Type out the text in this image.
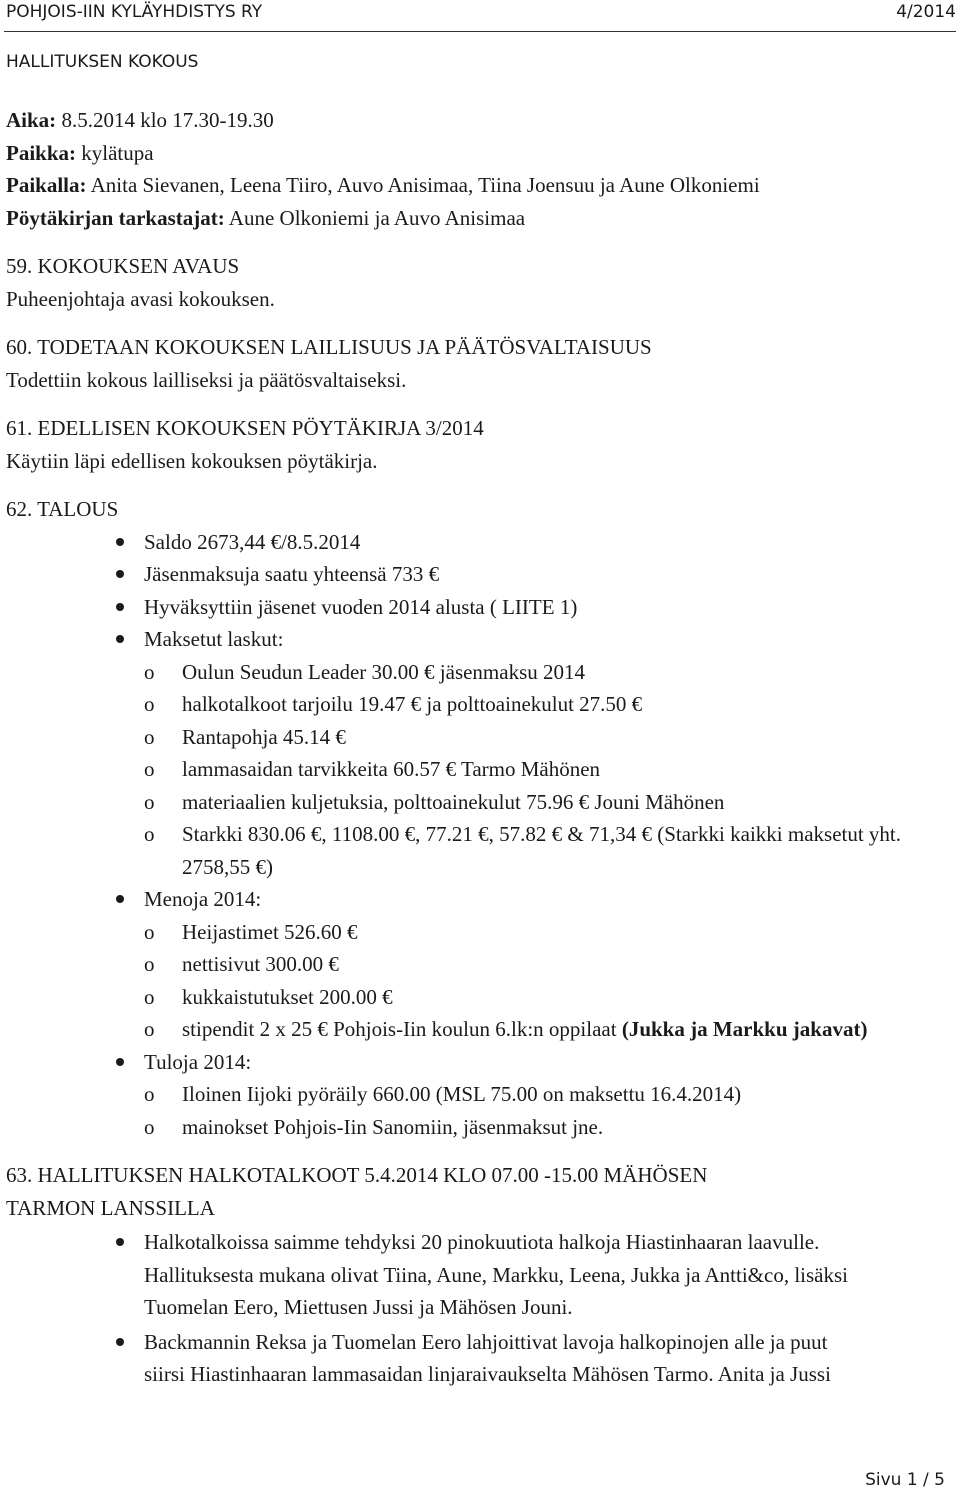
POHJOIS-IIN KYLÄYHDISTYS RY	4/2014
HALLITUKSEN KOKOUS
Aika: 8.5.2014 klo 17.30-19.30
Paikka: kylätupa
Paikalla: Anita Sievanen, Leena Tiiro, Auvo Anisimaa, Tiina Joensuu ja Aune Olkoniemi
Pöytäkirjan tarkastajat: Aune Olkoniemi ja Auvo Anisimaa
59. KOKOUKSEN AVAUS
Puheenjohtaja avasi kokouksen.
60. TODETAAN KOKOUKSEN LAILLISUUS JA PÄÄTÖSVALTAISUUS
Todettiin kokous lailliseksi ja päätösvaltaiseksi.
61. EDELLISEN KOKOUKSEN PÖYTÄKIRJA 3/2014
Käytiin läpi edellisen kokouksen pöytäkirja.
62. TALOUS
Saldo 2673,44 €/8.5.2014
Jäsenmaksuja saatu yhteensä 733 €
Hyväksyttiin jäsenet vuoden 2014 alusta ( LIITE 1)
Maksetut laskut:
o Oulun Seudun Leader 30.00 € jäsenmaksu 2014
o halkotalkoot tarjoilu 19.47 € ja polttoainekulut 27.50 €
o Rantapohja 45.14 €
o lammasaidan tarvikkeita 60.57 € Tarmo Mähönen
o materiaalien kuljetuksia, polttoainekulut 75.96 € Jouni Mähönen
o Starkki 830.06 €, 1108.00 €, 77.21 €, 57.82 € & 71,34 € (Starkki kaikki maksetut yht. 2758,55 €)
Menoja 2014:
o Heijastimet 526.60 €
o nettisivut 300.00 €
o kukkaistutukset 200.00 €
o stipendit 2 x 25 € Pohjois-Iin koulun 6.lk:n oppilaat (Jukka ja Markku jakavat)
Tuloja 2014:
o Iloinen Iijoki pyöräily 660.00 (MSL 75.00 on maksettu 16.4.2014)
o mainokset Pohjois-Iin Sanomiin, jäsenmaksut jne.
63. HALLITUKSEN HALKOTALKOOT 5.4.2014 KLO 07.00 -15.00 MÄHÖSEN
TARMON LANSSILLA
Halkotalkoissa saimme tehdyksi 20 pinokuutiota halkoja Hiastinhaaran laavulle.
Hallituksesta mukana olivat Tiina, Aune, Markku, Leena, Jukka ja Antti&co, lisäksi
Tuomelan Eero, Miettusen Jussi ja Mähösen Jouni.
Backmannin Reksa ja Tuomelan Eero lahjoittivat lavoja halkopinojen alle ja puut
siirsi Hiastinhaaran lammasaidan linjaraivaukselta Mähösen Tarmo. Anita ja Jussi
Sivu 1 / 5
